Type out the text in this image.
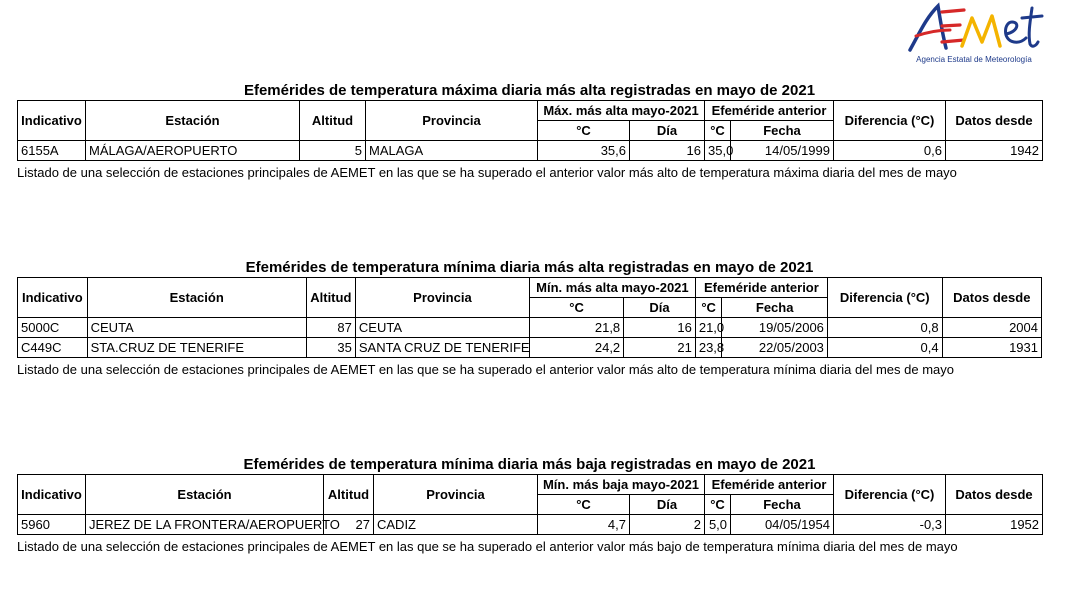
Agencia Estatal de Meteorología
Efemérides de temperatura máxima diaria más alta registradas en mayo de 2021
Indicativo	Estación	Altitud	Provincia	Máx. más alta mayo-2021		Efeméride anterior		Diferencia (°C)	Datos desde
				°C	Día	°C	Fecha		
6155A	MÁLAGA/AEROPUERTO	5	MALAGA	35,6	16	35,0	14/05/1999	0,6	1942
Listado de una selección de estaciones principales de AEMET en las que se ha superado el anterior valor más alto de temperatura máxima diaria del mes de mayo
Efemérides de temperatura mínima diaria más alta registradas en mayo de 2021
Indicativo	Estación	Altitud	Provincia	Mín. más alta mayo-2021		Efeméride anterior		Diferencia (°C)	Datos desde
				°C	Día	°C	Fecha		
5000C	CEUTA	87	CEUTA	21,8	16	21,0	19/05/2006	0,8	2004
C449C	STA.CRUZ DE TENERIFE	35	SANTA CRUZ DE TENERIFE	24,2	21	23,8	22/05/2003	0,4	1931
Listado de una selección de estaciones principales de AEMET en las que se ha superado el anterior valor más alto de temperatura mínima diaria del mes de mayo
Efemérides de temperatura mínima diaria más baja registradas en mayo de 2021
Indicativo	Estación	Altitud	Provincia	Mín. más baja mayo-2021		Efeméride anterior		Diferencia (°C)	Datos desde
				°C	Día	°C	Fecha		
5960	JEREZ DE LA FRONTERA/AEROPUERTO	27	CADIZ	4,7	2	5,0	04/05/1954	-0,3	1952
Listado de una selección de estaciones principales de AEMET en las que se ha superado el anterior valor más bajo de temperatura mínima diaria del mes de mayo
